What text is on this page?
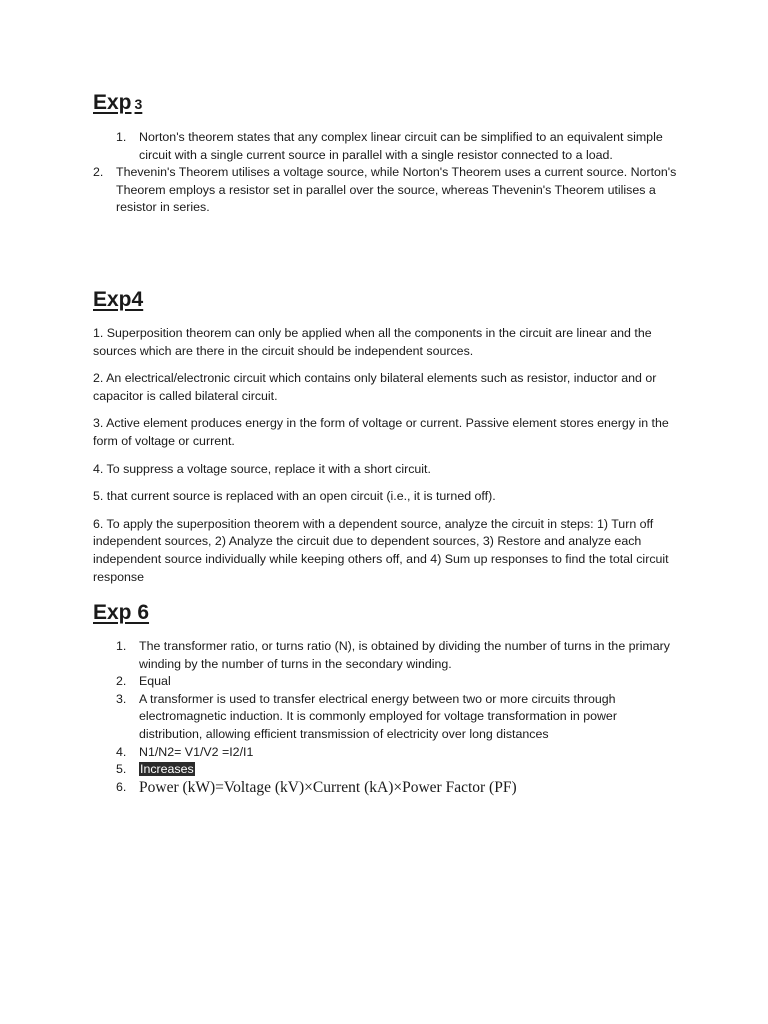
Exp 3
1. Norton's theorem states that any complex linear circuit can be simplified to an equivalent simple circuit with a single current source in parallel with a single resistor connected to a load.
2. Thevenin's Theorem utilises a voltage source, while Norton's Theorem uses a current source. Norton's Theorem employs a resistor set in parallel over the source, whereas Thevenin's Theorem utilises a resistor in series.
Exp4

1. Superposition theorem can only be applied when all the components in the circuit are linear and the sources which are there in the circuit should be independent sources.

2. An electrical/electronic circuit which contains only bilateral elements such as resistor, inductor and or capacitor is called bilateral circuit.

3. Active element produces energy in the form of voltage or current. Passive element stores energy in the form of voltage or current.

4. To suppress a voltage source, replace it with a short circuit.

5. that current source is replaced with an open circuit (i.e., it is turned off).

6. To apply the superposition theorem with a dependent source, analyze the circuit in steps: 1) Turn off independent sources, 2) Analyze the circuit due to dependent sources, 3) Restore and analyze each independent source individually while keeping others off, and 4) Sum up responses to find the total circuit response

Exp 6
1. The transformer ratio, or turns ratio (N), is obtained by dividing the number of turns in the primary winding by the number of turns in the secondary winding.
2. Equal
3. A transformer is used to transfer electrical energy between two or more circuits through electromagnetic induction. It is commonly employed for voltage transformation in power distribution, allowing efficient transmission of electricity over long distances
4. N1/N2= V1/V2 =I2/I1
5. Increases
6. Power (kW)=Voltage (kV)×Current (kA)×Power Factor (PF)
